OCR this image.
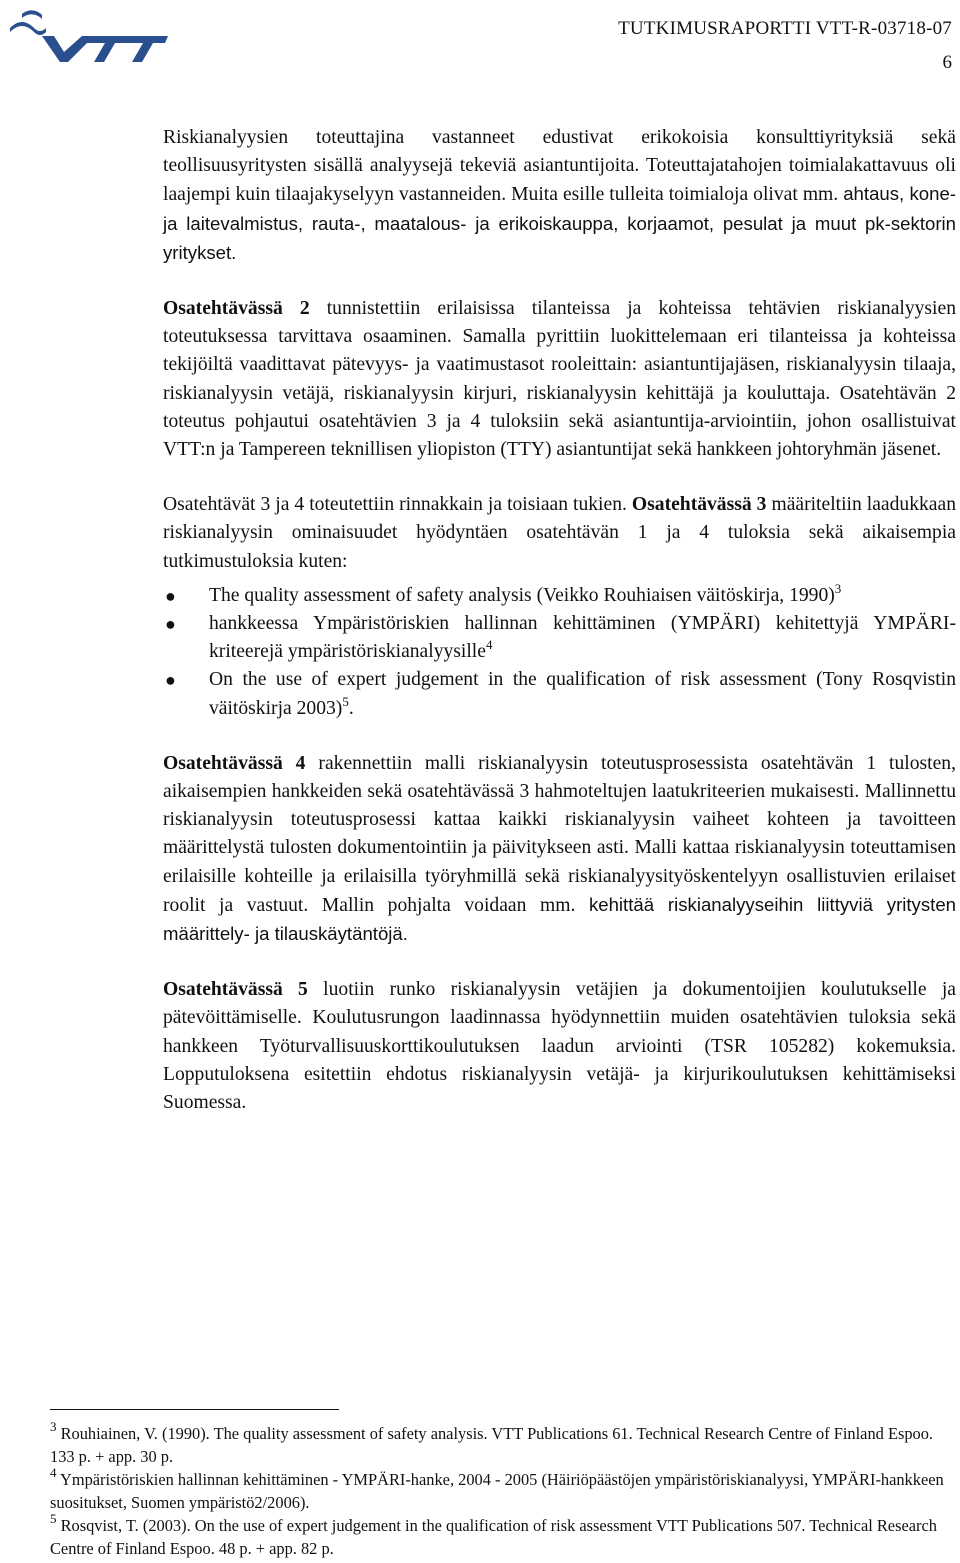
TUTKIMUSRAPORTTI VTT-R-03718-07
6

Riskianalyysien toteuttajina vastanneet edustivat erikokoisia konsulttiyrityksiä sekä teollisuusyritysten sisällä analyysejä tekeviä asiantuntijoita. Toteuttajatahojen toimialakattavuus oli laajempi kuin tilaajakyselyyn vastanneiden. Muita esille tulleita toimialoja olivat mm. ahtaus, kone- ja laitevalmistus, rauta-, maatalous- ja erikoiskauppa, korjaamot, pesulat ja muut pk-sektorin yritykset.

Osatehtävässä 2 tunnistettiin erilaisissa tilanteissa ja kohteissa tehtävien riskianalyysien toteutuksessa tarvittava osaaminen. Samalla pyrittiin luokittelemaan eri tilanteissa ja kohteissa tekijöiltä vaadittavat pätevyys- ja vaatimustasot rooleittain: asiantuntijajäsen, riskianalyysin tilaaja, riskianalyysin vetäjä, riskianalyysin kirjuri, riskianalyysin kehittäjä ja kouluttaja. Osatehtävän 2 toteutus pohjautui osatehtävien 3 ja 4 tuloksiin sekä asiantuntija-arviointiin, johon osallistuivat VTT:n ja Tampereen teknillisen yliopiston (TTY) asiantuntijat sekä hankkeen johtoryhmän jäsenet.

Osatehtävät 3 ja 4 toteutettiin rinnakkain ja toisiaan tukien. Osatehtävässä 3 määriteltiin laadukkaan riskianalyysin ominaisuudet hyödyntäen osatehtävän 1 ja 4 tuloksia sekä aikaisempia tutkimustuloksia kuten:

● The quality assessment of safety analysis (Veikko Rouhiaisen väitöskirja, 1990)$^3$
● hankkeessa Ympäristöriskien hallinnan kehittäminen (YMPÄRI) kehitettyjä YMPÄRI-kriteerejä ympäristöriskianalyysille$^4$
● On the use of expert judgement in the qualification of risk assessment (Tony Rosqvistin väitöskirja 2003)$^5$.

Osatehtävässä 4 rakennettiin malli riskianalyysin toteutusprosessista osatehtävän 1 tulosten, aikaisempien hankkeiden sekä osatehtävässä 3 hahmoteltujen laatukriteerien mukaisesti. Mallinnettu riskianalyysin toteutusprosessi kattaa kaikki riskianalyysin vaiheet kohteen ja tavoitteen määrittelystä tulosten dokumentointiin ja päivitykseen asti. Malli kattaa riskianalyysin toteuttamisen erilaisille kohteille ja erilaisilla työryhmillä sekä riskianalyysityöskentelyyn osallistuvien erilaiset roolit ja vastuut. Mallin pohjalta voidaan mm. kehittää riskianalyyseihin liittyviä yritysten määrittely- ja tilauskäytäntöjä.

Osatehtävässä 5 luotiin runko riskianalyysin vetäjien ja dokumentoijien koulutukselle ja pätevöittämiselle. Koulutusrungon laadinnassa hyödynnettiin muiden osatehtävien tuloksia sekä hankkeen Työturvallisuuskorttikoulutuksen laadun arviointi (TSR 105282) kokemuksia. Lopputuloksena esitettiin ehdotus riskianalyysin vetäjä- ja kirjurikoulutuksen kehittämiseksi Suomessa.

$^3$ Rouhiainen, V. (1990). The quality assessment of safety analysis. VTT Publications 61. Technical Research Centre of Finland Espoo. 133 p. + app. 30 p.

$^4$ Ympäristöriskien hallinnan kehittäminen - YMPÄRI-hanke, 2004 - 2005 (Häiriöpäästöjen ympäristöriskianalyysi, YMPÄRI-hankkeen suositukset, Suomen ympäristö2/2006).

$^5$ Rosqvist, T. (2003). On the use of expert judgement in the qualification of risk assessment VTT Publications 507. Technical Research Centre of Finland Espoo. 48 p. + app. 82 p.
